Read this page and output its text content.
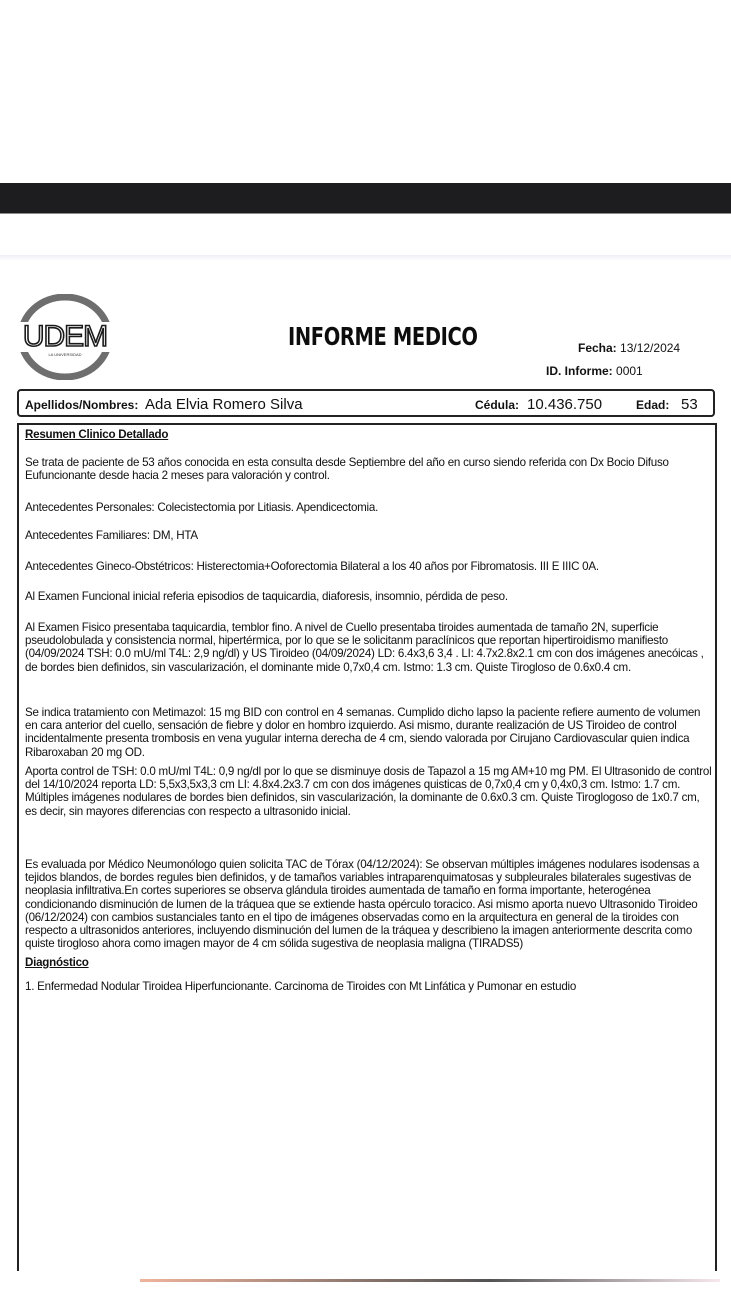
UDEM
LA UNIVERSIDAD
INFORME MEDICO	Fecha: 13/12/2024
ID. Informe: 0001
Apellidos/Nombres: Ada Elvia Romero Silva	Cédula: 10.436.750	Edad: 53
Resumen Clinico Detallado

Se trata de paciente de 53 años conocida en esta consulta desde Septiembre del año en curso siendo referida con Dx Bocio Difuso Eufuncionante desde hacia 2 meses para valoración y control.

Antecedentes Personales: Colecistectomia por Litiasis. Apendicectomia.

Antecedentes Familiares: DM, HTA

Antecedentes Gineco-Obstétricos: Histerectomia+Ooforectomia Bilateral a los 40 años por Fibromatosis. III E IIIC 0A.

Al Examen Funcional inicial referia episodios de taquicardia, diaforesis, insomnio, pérdida de peso.

Al Examen Fisico presentaba taquicardia, temblor fino. A nivel de Cuello presentaba tiroides aumentada de tamaño 2N, superficie pseudolobulada y consistencia normal, hipertérmica, por lo que se le solicitanm paraclínicos que reportan hipertiroidismo manifiesto (04/09/2024 TSH: 0.0 mU/ml T4L: 2,9 ng/dl) y US Tiroideo (04/09/2024) LD: 6.4x3,6 3,4 . LI: 4.7x2.8x2.1 cm con dos imágenes anecóicas , de bordes bien definidos, sin vascularización, el dominante mide 0,7x0,4 cm. Istmo: 1.3 cm. Quiste Tirogloso de 0.6x0.4 cm.

Se indica tratamiento con Metimazol: 15 mg BID con control en 4 semanas. Cumplido dicho lapso la paciente refiere aumento de volumen en cara anterior del cuello, sensación de fiebre y dolor en hombro izquierdo. Asi mismo, durante realización de US Tiroideo de control incidentalmente presenta trombosis en vena yugular interna derecha de 4 cm, siendo valorada por Cirujano Cardiovascular quien indica Ribaroxaban 20 mg OD.

Aporta control de TSH: 0.0 mU/ml T4L: 0,9 ng/dl por lo que se disminuye dosis de Tapazol a 15 mg AM+10 mg PM. El Ultrasonido de control del 14/10/2024 reporta LD: 5,5x3,5x3,3 cm LI: 4.8x4.2x3.7 cm con dos imágenes quisticas de 0,7x0,4 cm y 0,4x0,3 cm. Istmo: 1.7 cm. Múltiples imágenes nodulares de bordes bien definidos, sin vascularización, la dominante de 0.6x0.3 cm. Quiste Tiroglogoso de 1x0.7 cm, es decir, sin mayores diferencias con respecto a ultrasonido inicial.

Es evaluada por Médico Neumonólogo quien solicita TAC de Tórax (04/12/2024): Se observan múltiples imágenes nodulares isodensas a tejidos blandos, de bordes regules bien definidos, y de tamaños variables intraparenquimatosas y subpleurales bilaterales sugestivas de neoplasia infiltrativa.En cortes superiores se observa glándula tiroides aumentada de tamaño en forma importante, heterogénea condicionando disminución de lumen de la tráquea que se extiende hasta opérculo toracico. Asi mismo aporta nuevo Ultrasonido Tiroideo (06/12/2024) con cambios sustanciales tanto en el tipo de imágenes observadas como en la arquitectura en general de la tiroides con respecto a ultrasonidos anteriores, incluyendo disminución del lumen de la tráquea y describieno la imagen anteriormente descrita como quiste tirogloso ahora como imagen mayor de 4 cm sólida sugestiva de neoplasia maligna (TIRADS5)

Diagnóstico

1. Enfermedad Nodular Tiroidea Hiperfuncionante. Carcinoma de Tiroides con Mt Linfática y Pumonar en estudio
